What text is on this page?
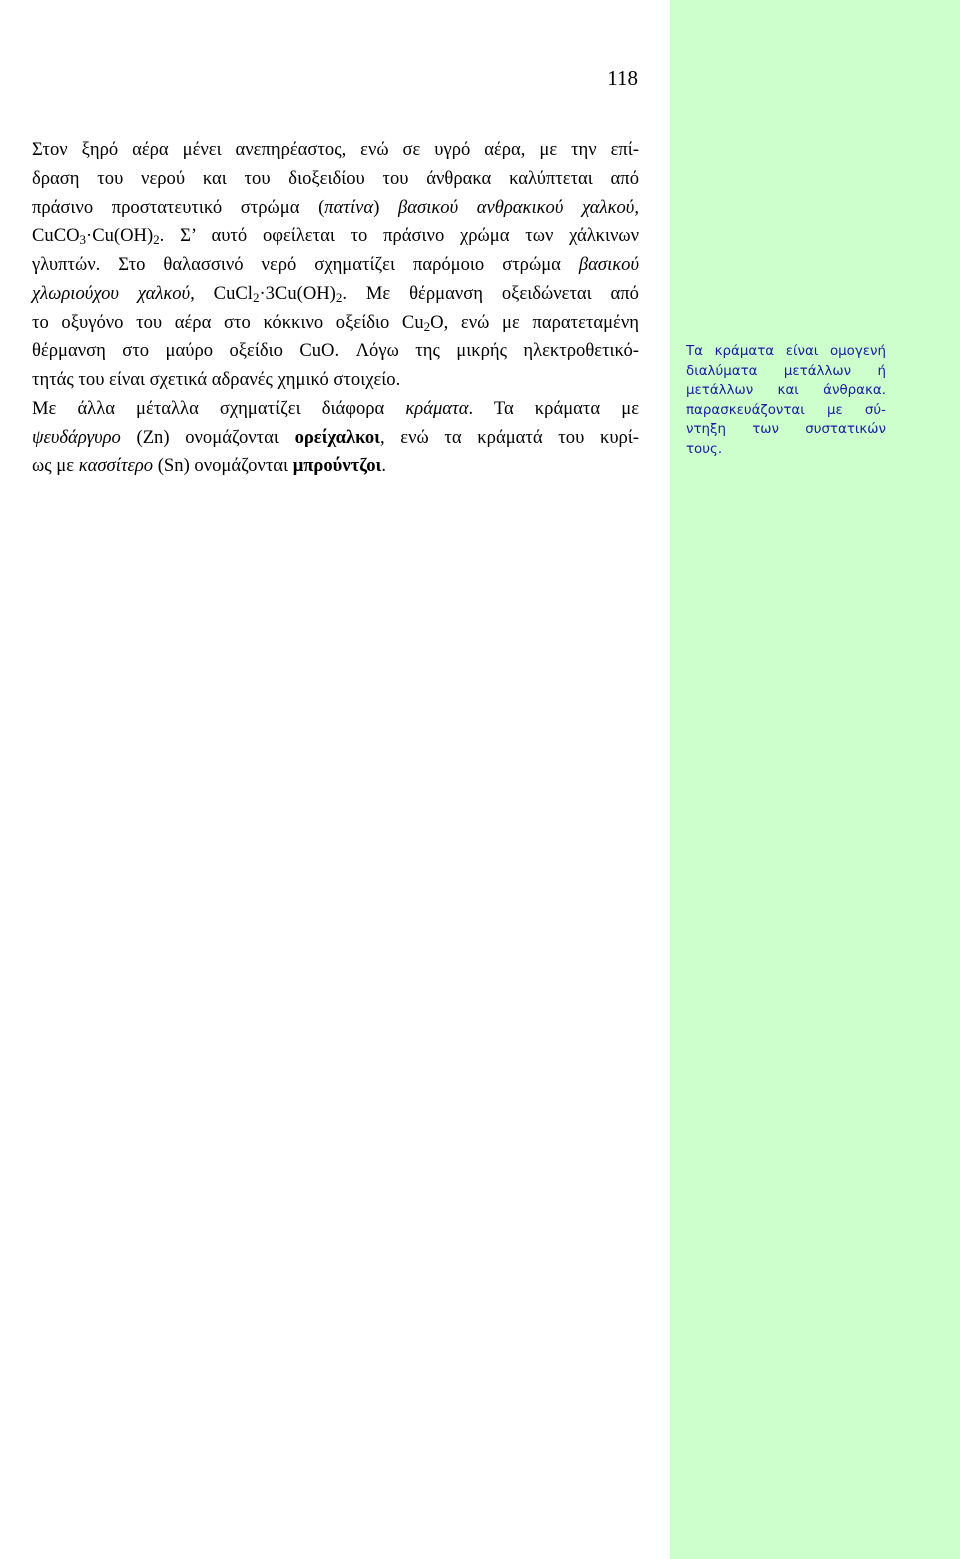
118
Στον ξηρό αέρα μένει ανεπηρέαστος, ενώ σε υγρό αέρα, με την επί-
δραση του νερού και του διοξειδίου του άνθρακα καλύπτεται από
πράσινο προστατευτικό στρώμα (πατίνα) βασικού ανθρακικού χαλκού,
$CuCO_3\cdot Cu(OH)_2$. Σ’ αυτό οφείλεται το πράσινο χρώμα των χάλκινων
γλυπτών. Στο θαλασσινό νερό σχηματίζει παρόμοιο στρώμα βασικού
χλωριούχου χαλκού, $CuCl_2\cdot 3Cu(OH)_2$. Με θέρμανση οξειδώνεται από
το οξυγόνο του αέρα στο κόκκινο οξείδιο $Cu_2O$, ενώ με παρατεταμένη
θέρμανση στο μαύρο οξείδιο CuO. Λόγω της μικρής ηλεκτροθετικό-
τητάς του είναι σχετικά αδρανές χημικό στοιχείο.
Με άλλα μέταλλα σχηματίζει διάφορα κράματα. Τα κράματα με
ψευδάργυρο (Zn) ονομάζονται ορείχαλκοι, ενώ τα κράματά του κυρί-
ως με κασσίτερο (Sn) ονομάζονται μπρούντζοι.
Τα κράματα είναι ομογενή
διαλύματα μετάλλων ή
μετάλλων και άνθρακα.
παρασκευάζονται με σύ-
ντηξη των συστατικών
τους.
